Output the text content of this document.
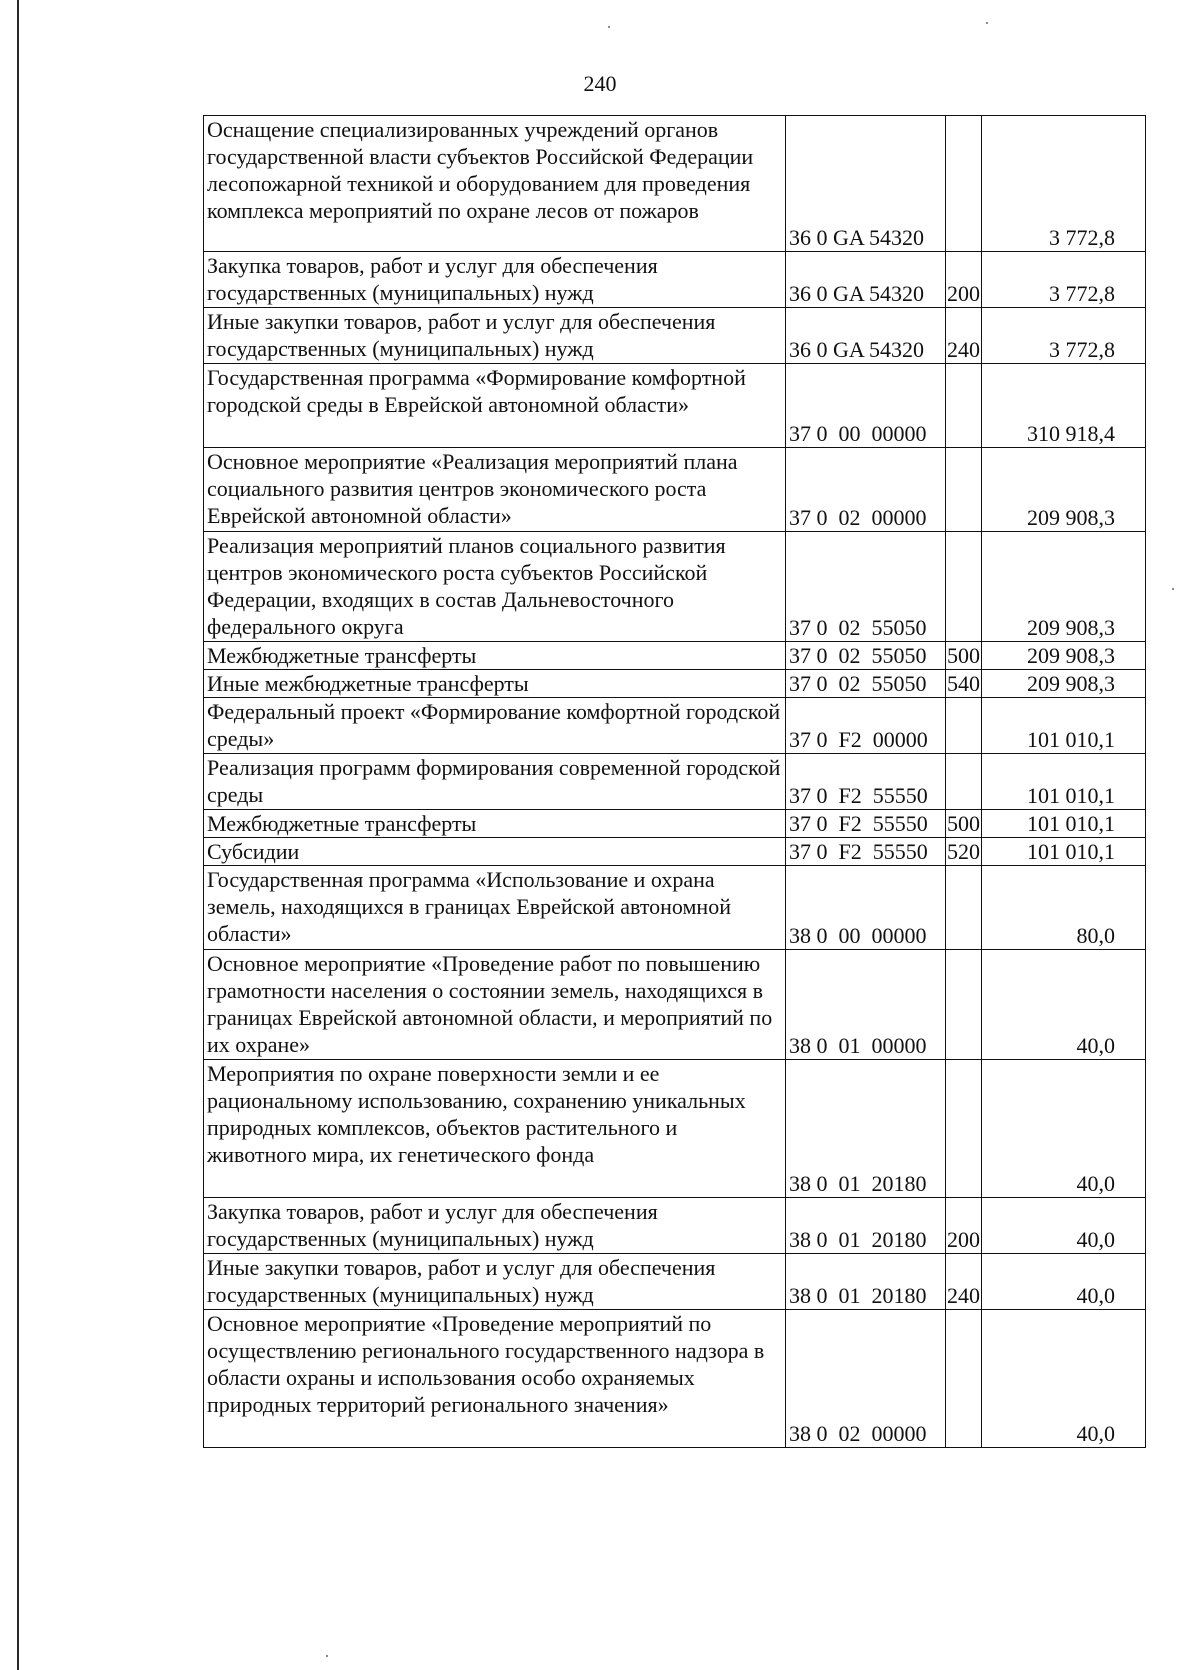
240
Оснащение специализированных учреждений органов государственной власти субъектов Российской Федерации лесопожарной техникой и оборудованием для проведения комплекса мероприятий по охране лесов от пожаров	36 0 GA 54320		3 772,8
Закупка товаров, работ и услуг для обеспечения государственных (муниципальных) нужд	36 0 GA 54320	200	3 772,8
Иные закупки товаров, работ и услуг для обеспечения государственных (муниципальных) нужд	36 0 GA 54320	240	3 772,8
Государственная программа «Формирование комфортной городской среды в Еврейской автономной области»	37 0  00  00000		310 918,4
Основное мероприятие «Реализация мероприятий плана социального развития центров экономического роста Еврейской автономной области»	37 0  02  00000		209 908,3
Реализация мероприятий планов социального развития центров экономического роста субъектов Российской Федерации, входящих в состав Дальневосточного федерального округа	37 0  02  55050		209 908,3
Межбюджетные трансферты	37 0  02  55050	500	209 908,3
Иные межбюджетные трансферты	37 0  02  55050	540	209 908,3
Федеральный проект «Формирование комфортной городской среды»	37 0  F2  00000		101 010,1
Реализация программ формирования современной городской среды	37 0  F2  55550		101 010,1
Межбюджетные трансферты	37 0  F2  55550	500	101 010,1
Субсидии	37 0  F2  55550	520	101 010,1
Государственная программа «Использование и охрана земель, находящихся в границах Еврейской автономной области»	38 0  00  00000		80,0
Основное мероприятие «Проведение работ по повышению грамотности населения о состоянии земель, находящихся в границах Еврейской автономной области, и мероприятий по их охране»	38 0  01  00000		40,0
Мероприятия по охране поверхности земли и ее рациональному использованию, сохранению уникальных природных комплексов, объектов растительного и животного мира, их генетического фонда	38 0  01  20180		40,0
Закупка товаров, работ и услуг для обеспечения государственных (муниципальных) нужд	38 0  01  20180	200	40,0
Иные закупки товаров, работ и услуг для обеспечения государственных (муниципальных) нужд	38 0  01  20180	240	40,0
Основное мероприятие «Проведение мероприятий по осуществлению регионального государственного надзора в области охраны и использования особо охраняемых природных территорий регионального значения»	38 0  02  00000		40,0
